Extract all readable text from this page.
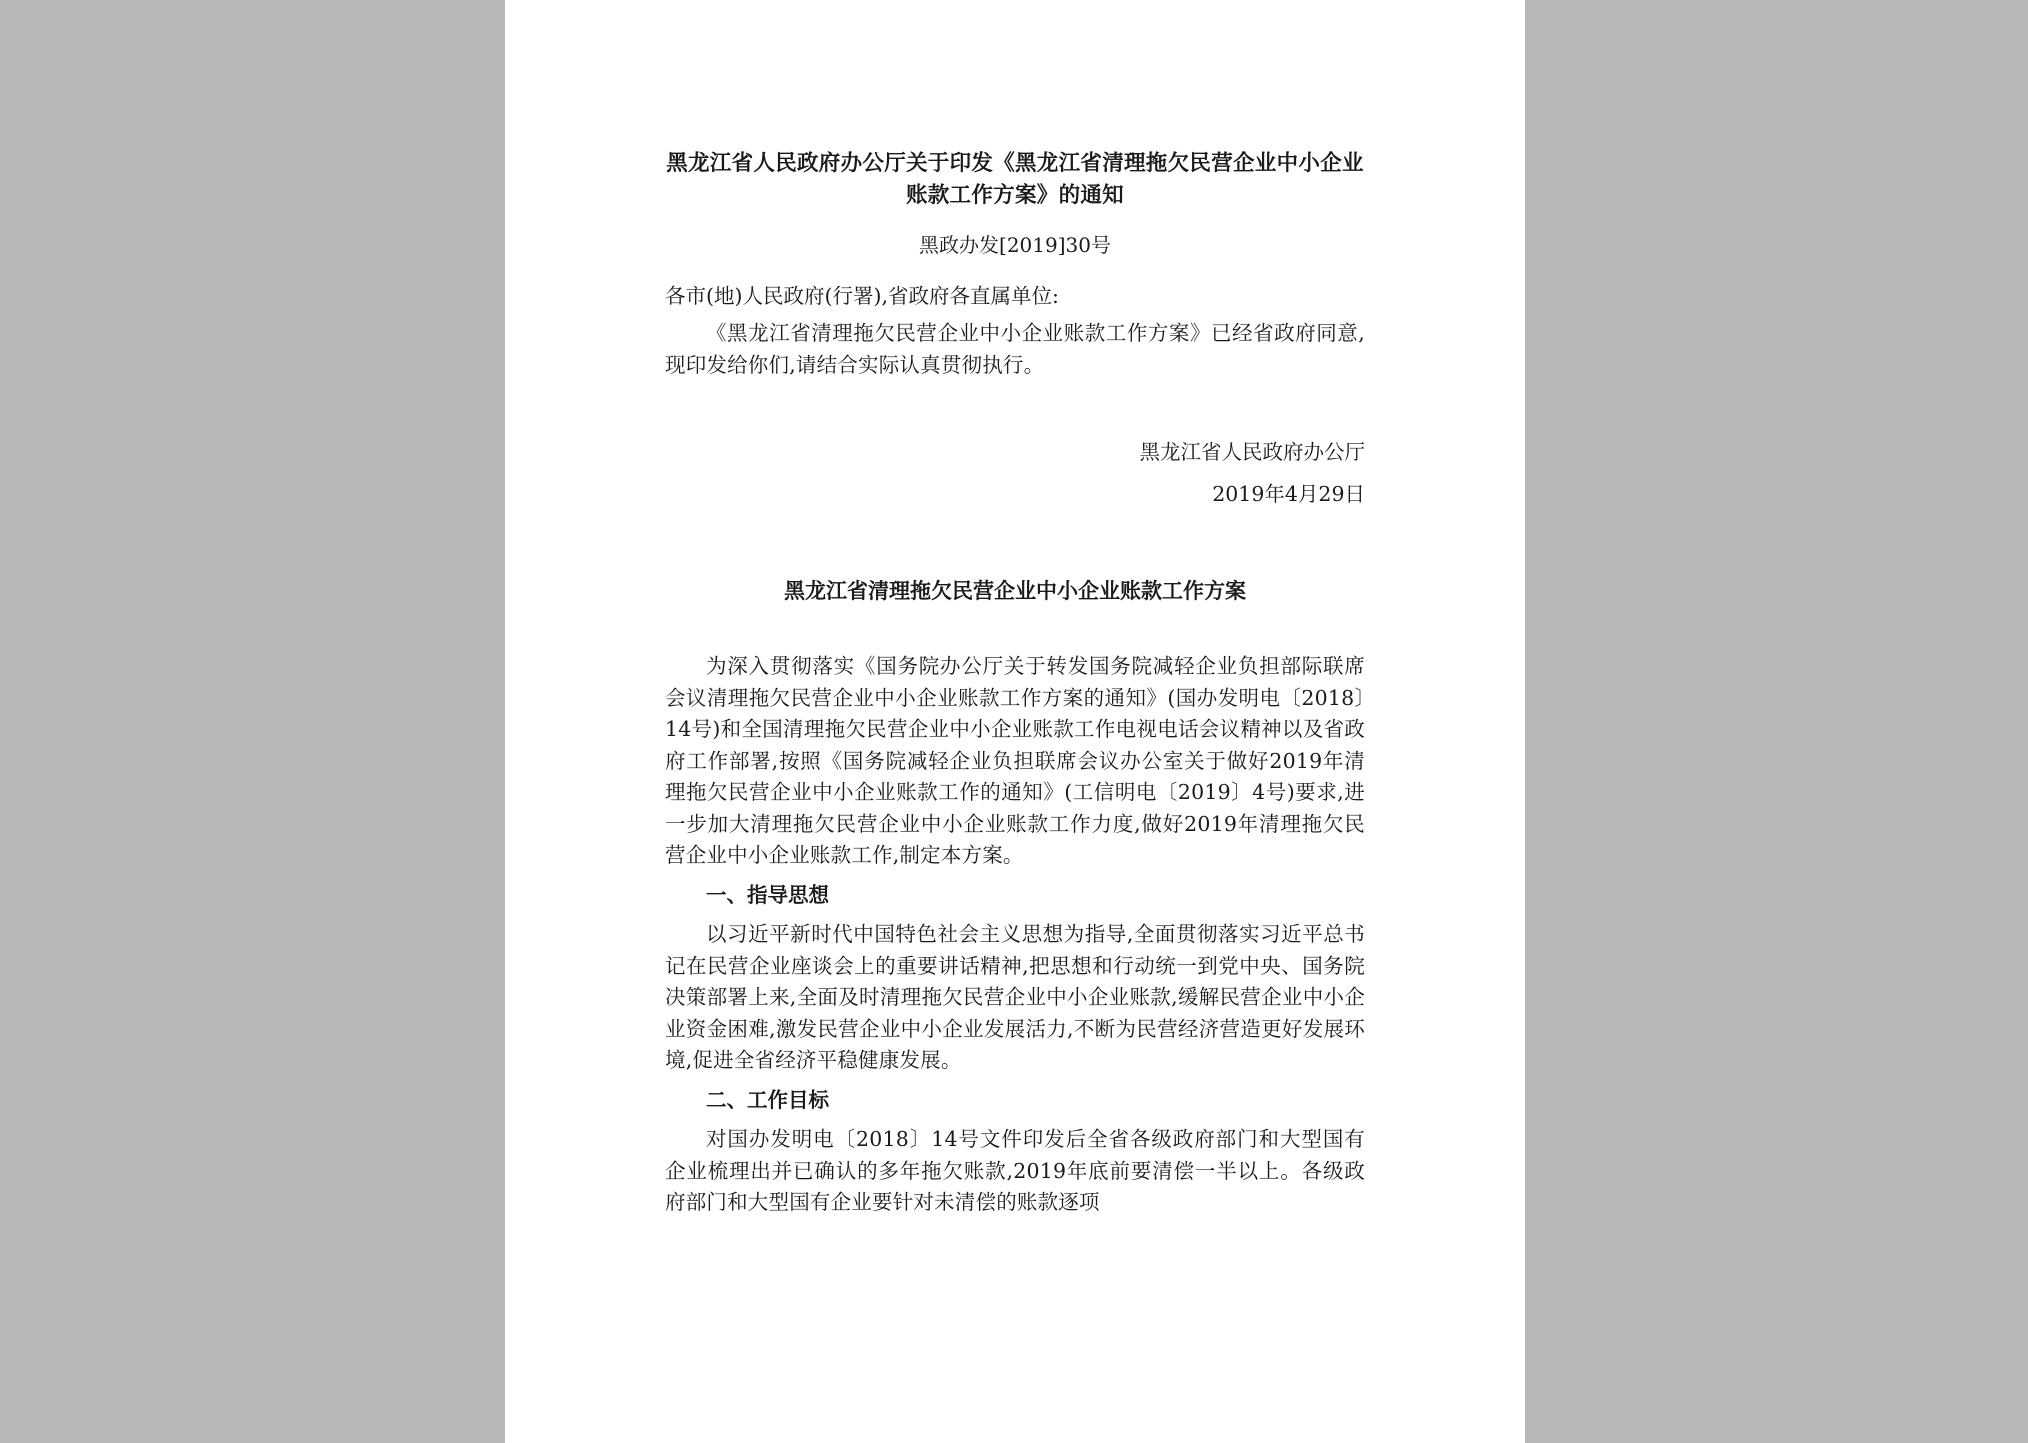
黑龙江省人民政府办公厅关于印发《黑龙江省清理拖欠民营企业中小企业账款工作方案》的通知

黑政办发[2019]30号

各市(地)人民政府(行署),省政府各直属单位:

《黑龙江省清理拖欠民营企业中小企业账款工作方案》已经省政府同意,现印发给你们,请结合实际认真贯彻执行。

黑龙江省人民政府办公厅
2019年4月29日
黑龙江省清理拖欠民营企业中小企业账款工作方案

为深入贯彻落实《国务院办公厅关于转发国务院减轻企业负担部际联席会议清理拖欠民营企业中小企业账款工作方案的通知》(国办发明电〔2018〕14号)和全国清理拖欠民营企业中小企业账款工作电视电话会议精神以及省政府工作部署,按照《国务院减轻企业负担联席会议办公室关于做好2019年清理拖欠民营企业中小企业账款工作的通知》(工信明电〔2019〕4号)要求,进一步加大清理拖欠民营企业中小企业账款工作力度,做好2019年清理拖欠民营企业中小企业账款工作,制定本方案。

一、指导思想

以习近平新时代中国特色社会主义思想为指导,全面贯彻落实习近平总书记在民营企业座谈会上的重要讲话精神,把思想和行动统一到党中央、国务院决策部署上来,全面及时清理拖欠民营企业中小企业账款,缓解民营企业中小企业资金困难,激发民营企业中小企业发展活力,不断为民营经济营造更好发展环境,促进全省经济平稳健康发展。

二、工作目标

对国办发明电〔2018〕14号文件印发后全省各级政府部门和大型国有企业梳理出并已确认的多年拖欠账款,2019年底前要清偿一半以上。各级政府部门和大型国有企业要针对未清偿的账款逐项
